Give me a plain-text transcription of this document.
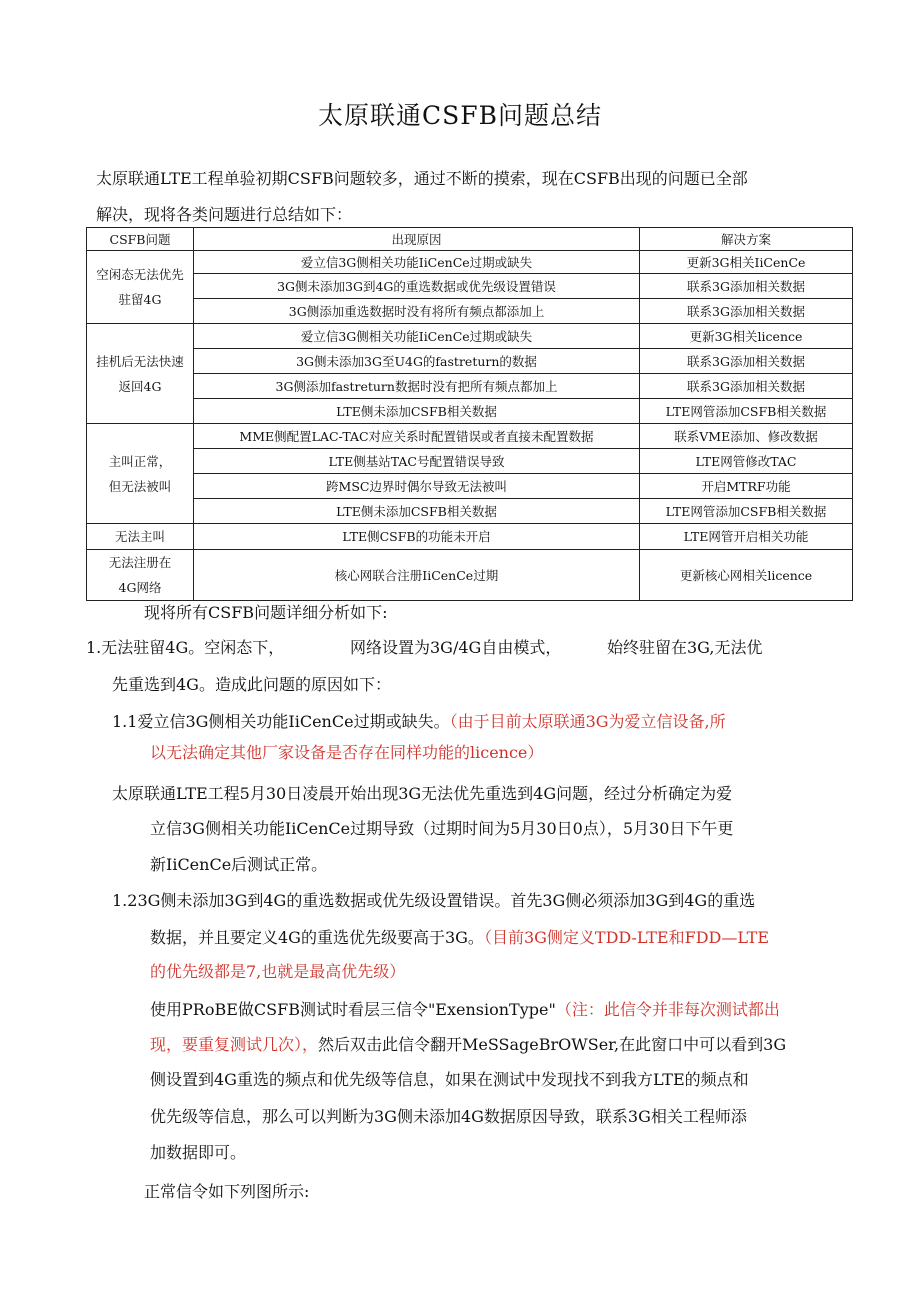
太原联通CSFB问题总结
太原联通LTE工程单验初期CSFB问题较多，通过不断的摸索，现在CSFB出现的问题已全部
解决，现将各类问题进行总结如下：
CSFB问题	出现原因	解决方案

空闲态无法优先
驻留4G	爱立信3G侧相关功能IiCenCe过期或缺失	更新3G相关IiCenCe
	3G侧未添加3G到4G的重选数据或优先级设置错误	联系3G添加相关数据
	3G侧添加重选数据时没有将所有频点都添加上	联系3G添加相关数据

挂机后无法快速
返回4G	爱立信3G侧相关功能IiCenCe过期或缺失	更新3G相关licence
	3G侧未添加3G至U4G的fastreturn的数据	联系3G添加相关数据
	3G侧添加fastreturn数据时没有把所有频点都加上	联系3G添加相关数据
	LTE侧未添加CSFB相关数据	LTE网管添加CSFB相关数据

主叫正常，
但无法被叫	MME侧配置LAC-TAC对应关系时配置错误或者直接未配置数据	联系VME添加、修改数据
	LTE侧基站TAC号配置错误导致	LTE网管修改TAC
	跨MSC边界时偶尔导致无法被叫	开启MTRF功能
	LTE侧未添加CSFB相关数据	LTE网管添加CSFB相关数据

无法主叫	LTE侧CSFB的功能未开启	LTE网管开启相关功能

无法注册在
4G网络	核心网联合注册IiCenCe过期	更新核心网相关licence
现将所有CSFB问题详细分析如下:
1.无法驻留4G。空闲态下，	网络设置为3G/4G自由模式，	始终驻留在3G,无法优
先重选到4G。造成此问题的原因如下：
1.1爱立信3G侧相关功能IiCenCe过期或缺失。（由于目前太原联通3G为爱立信设备,所
以无法确定其他厂家设备是否存在同样功能的licence）
太原联通LTE工程5月30日凌晨开始出现3G无法优先重选到4G问题，经过分析确定为爱
立信3G侧相关功能IiCenCe过期导致（过期时间为5月30日0点），5月30日下午更
新IiCenCe后测试正常。
1.23G侧未添加3G到4G的重选数据或优先级设置错误。首先3G侧必须添加3G到4G的重选
数据，并且要定义4G的重选优先级要高于3G。（目前3G侧定义TDD-LTE和FDD—LTE
的优先级都是7,也就是最高优先级）
使用PRoBE做CSFB测试时看层三信令"ExensionType"（注：此信令并非每次测试都出
现，要重复测试几次），然后双击此信令翻开MeSSageBrOWSer,在此窗口中可以看到3G
侧设置到4G重选的频点和优先级等信息，如果在测试中发现找不到我方LTE的频点和
优先级等信息，那么可以判断为3G侧未添加4G数据原因导致，联系3G相关工程师添
加数据即可。
正常信令如下列图所示:
